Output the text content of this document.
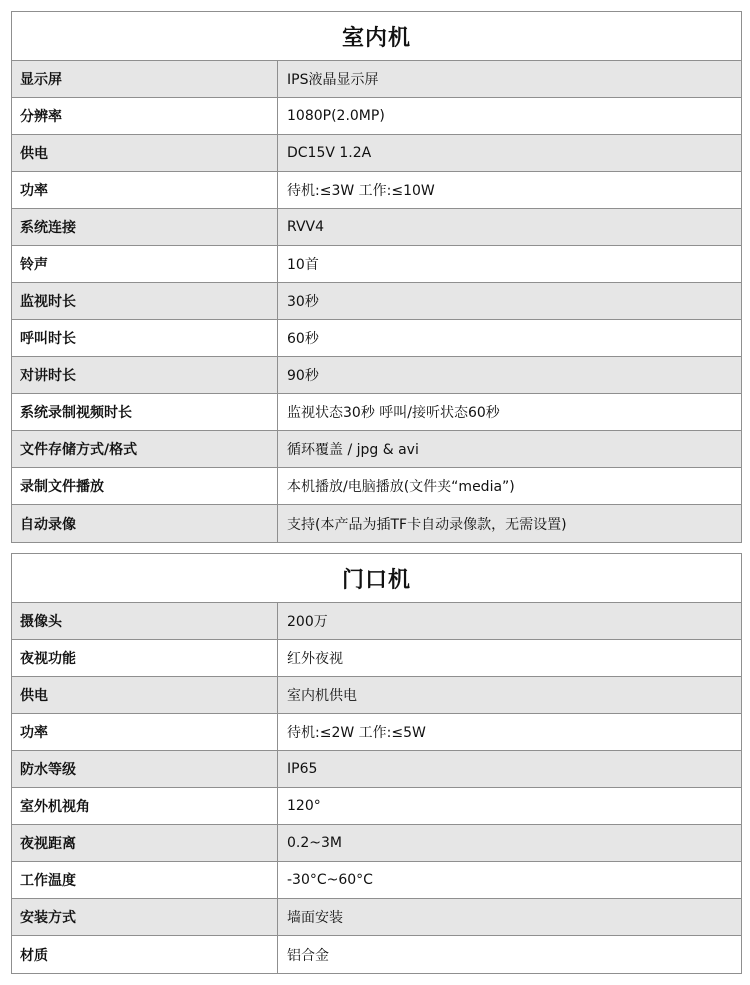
室内机
显示屏	IPS液晶显示屏
分辨率	1080P(2.0MP)
供电	DC15V 1.2A
功率	待机:≤3W 工作:≤10W
系统连接	RVV4
铃声	10首
监视时长	30秒
呼叫时长	60秒
对讲时长	90秒
系统录制视频时长	监视状态30秒 呼叫/接听状态60秒
文件存储方式/格式	循环覆盖 / jpg & avi
录制文件播放	本机播放/电脑播放(文件夹“media”)
自动录像	支持(本产品为插TF卡自动录像款，无需设置)
门口机
摄像头	200万
夜视功能	红外夜视
供电	室内机供电
功率	待机:≤2W 工作:≤5W
防水等级	IP65
室外机视角	120°
夜视距离	0.2~3M
工作温度	-30°C~60°C
安装方式	墙面安装
材质	铝合金
